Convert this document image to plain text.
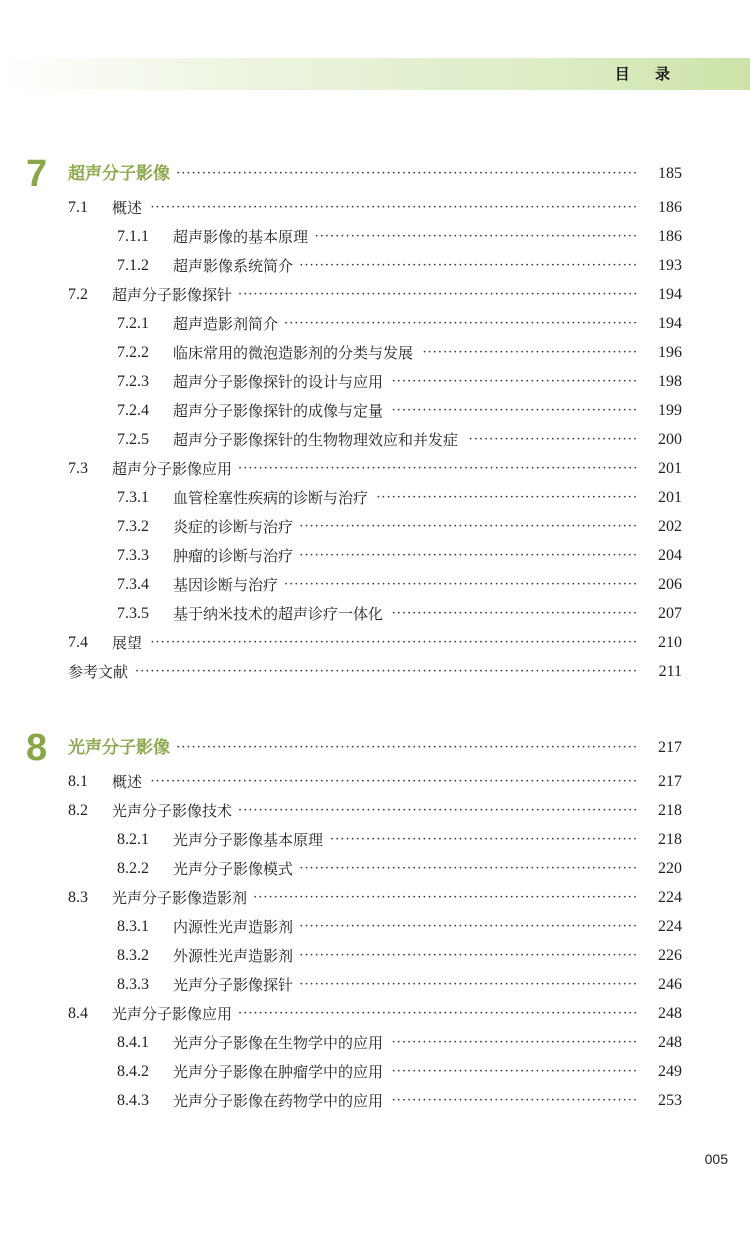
目 录
7 超声分子影像 ··························································································	185
7.1	概述 ·······························································································	186
7.1.1	超声影像的基本原理 ·······························································	186
7.1.2	超声影像系统简介 ··································································	193
7.2	超声分子影像探针 ··············································································	194
7.2.1	超声造影剂简介 ·····································································	194
7.2.2	临床常用的微泡造影剂的分类与发展 ··········································	196
7.2.3	超声分子影像探针的设计与应用 ················································	198
7.2.4	超声分子影像探针的成像与定量 ················································	199
7.2.5	超声分子影像探针的生物物理效应和并发症 ·································	200
7.3	超声分子影像应用 ··············································································	201
7.3.1	血管栓塞性疾病的诊断与治疗 ···················································	201
7.3.2	炎症的诊断与治疗 ··································································	202
7.3.3	肿瘤的诊断与治疗 ··································································	204
7.3.4	基因诊断与治疗 ·····································································	206
7.3.5	基于纳米技术的超声诊疗一体化 ················································	207
7.4	展望 ·······························································································	210
参考文献 ··································································································	211
8 光声分子影像 ··························································································	217
8.1	概述 ·······························································································	217
8.2	光声分子影像技术 ··············································································	218
8.2.1	光声分子影像基本原理 ····························································	218
8.2.2	光声分子影像模式 ··································································	220
8.3	光声分子影像造影剂 ···········································································	224
8.3.1	内源性光声造影剂 ··································································	224
8.3.2	外源性光声造影剂 ··································································	226
8.3.3	光声分子影像探针 ··································································	246
8.4	光声分子影像应用 ··············································································	248
8.4.1	光声分子影像在生物学中的应用 ················································	248
8.4.2	光声分子影像在肿瘤学中的应用 ················································	249
8.4.3	光声分子影像在药物学中的应用 ················································	253
005
